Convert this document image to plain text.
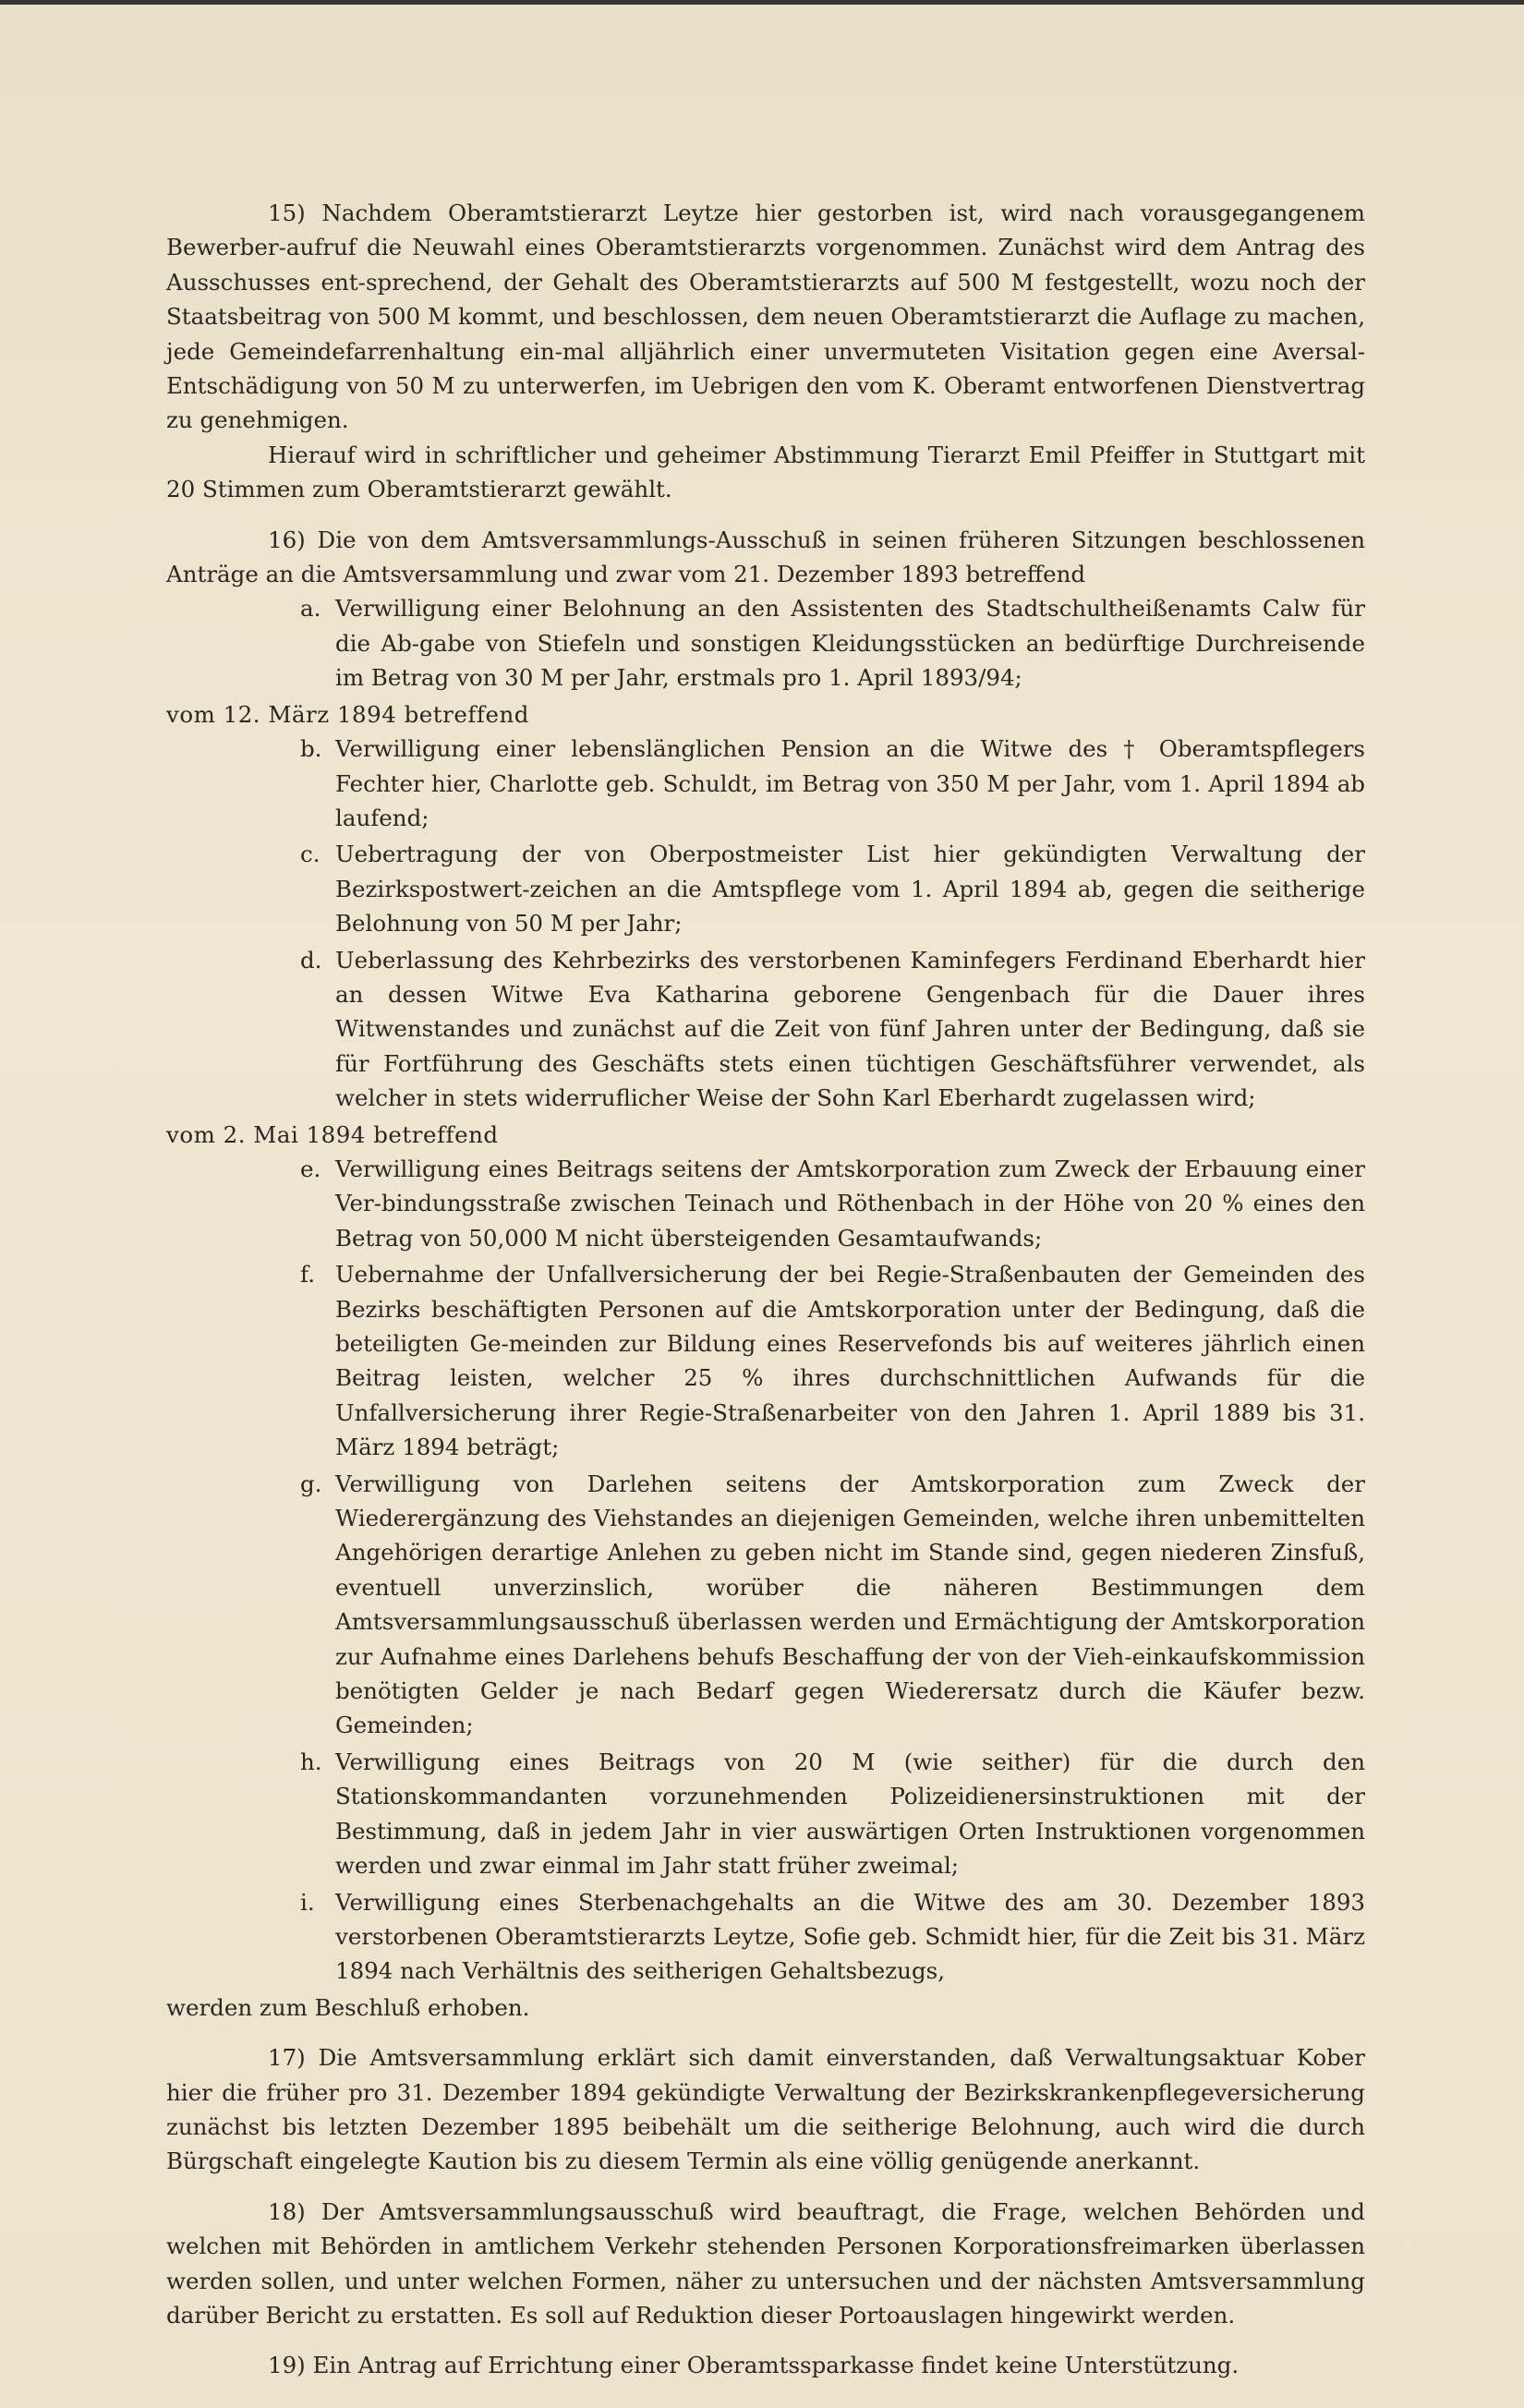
15) Nachdem Oberamtstierarzt Leytze hier gestorben ist, wird nach vorausgegangenem Bewerber-aufruf die Neuwahl eines Oberamtstierarzts vorgenommen. Zunächst wird dem Antrag des Ausschusses ent-sprechend, der Gehalt des Oberamtstierarzts auf 500 M festgestellt, wozu noch der Staatsbeitrag von 500 M kommt, und beschlossen, dem neuen Oberamtstierarzt die Auflage zu machen, jede Gemeindefarrenhaltung ein-mal alljährlich einer unvermuteten Visitation gegen eine Aversal-Entschädigung von 50 M zu unterwerfen, im Uebrigen den vom K. Oberamt entworfenen Dienstvertrag zu genehmigen.

Hierauf wird in schriftlicher und geheimer Abstimmung Tierarzt Emil Pfeiffer in Stuttgart mit 20 Stimmen zum Oberamtstierarzt gewählt.

16) Die von dem Amtsversammlungs-Ausschuß in seinen früheren Sitzungen beschlossenen Anträge an die Amtsversammlung und zwar vom 21. Dezember 1893 betreffend

a. Verwilligung einer Belohnung an den Assistenten des Stadtschultheißenamts Calw für die Ab-gabe von Stiefeln und sonstigen Kleidungsstücken an bedürftige Durchreisende im Betrag von 30 M per Jahr, erstmals pro 1. April 1893/94;

vom 12. März 1894 betreffend

b. Verwilligung einer lebenslänglichen Pension an die Witwe des † Oberamtspflegers Fechter hier, Charlotte geb. Schuldt, im Betrag von 350 M per Jahr, vom 1. April 1894 ab laufend;
c. Uebertragung der von Oberpostmeister List hier gekündigten Verwaltung der Bezirkspostwert-zeichen an die Amtspflege vom 1. April 1894 ab, gegen die seitherige Belohnung von 50 M per Jahr;
d. Ueberlassung des Kehrbezirks des verstorbenen Kaminfegers Ferdinand Eberhardt hier an dessen Witwe Eva Katharina geborene Gengenbach für die Dauer ihres Witwenstandes und zunächst auf die Zeit von fünf Jahren unter der Bedingung, daß sie für Fortführung des Geschäfts stets einen tüchtigen Geschäftsführer verwendet, als welcher in stets widerruflicher Weise der Sohn Karl Eberhardt zugelassen wird;

vom 2. Mai 1894 betreffend

e. Verwilligung eines Beitrags seitens der Amtskorporation zum Zweck der Erbauung einer Ver-bindungsstraße zwischen Teinach und Röthenbach in der Höhe von 20 % eines den Betrag von 50,000 M nicht übersteigenden Gesamtaufwands;
f. Uebernahme der Unfallversicherung der bei Regie-Straßenbauten der Gemeinden des Bezirks beschäftigten Personen auf die Amtskorporation unter der Bedingung, daß die beteiligten Ge-meinden zur Bildung eines Reservefonds bis auf weiteres jährlich einen Beitrag leisten, welcher 25 % ihres durchschnittlichen Aufwands für die Unfallversicherung ihrer Regie-Straßenarbeiter von den Jahren 1. April 1889 bis 31. März 1894 beträgt;
g. Verwilligung von Darlehen seitens der Amtskorporation zum Zweck der Wiederergänzung des Viehstandes an diejenigen Gemeinden, welche ihren unbemittelten Angehörigen derartige Anlehen zu geben nicht im Stande sind, gegen niederen Zinsfuß, eventuell unverzinslich, worüber die näheren Bestimmungen dem Amtsversammlungsausschuß überlassen werden und Ermächtigung der Amtskorporation zur Aufnahme eines Darlehens behufs Beschaffung der von der Vieh-einkaufskommission benötigten Gelder je nach Bedarf gegen Wiederersatz durch die Käufer bezw. Gemeinden;
h. Verwilligung eines Beitrags von 20 M (wie seither) für die durch den Stationskommandanten vorzunehmenden Polizeidienersinstruktionen mit der Bestimmung, daß in jedem Jahr in vier auswärtigen Orten Instruktionen vorgenommen werden und zwar einmal im Jahr statt früher zweimal;
i. Verwilligung eines Sterbenachgehalts an die Witwe des am 30. Dezember 1893 verstorbenen Oberamtstierarzts Leytze, Sofie geb. Schmidt hier, für die Zeit bis 31. März 1894 nach Verhältnis des seitherigen Gehaltsbezugs,

werden zum Beschluß erhoben.

17) Die Amtsversammlung erklärt sich damit einverstanden, daß Verwaltungsaktuar Kober hier die früher pro 31. Dezember 1894 gekündigte Verwaltung der Bezirkskrankenpflegeversicherung zunächst bis letzten Dezember 1895 beibehält um die seitherige Belohnung, auch wird die durch Bürgschaft eingelegte Kaution bis zu diesem Termin als eine völlig genügende anerkannt.

18) Der Amtsversammlungsausschuß wird beauftragt, die Frage, welchen Behörden und welchen mit Behörden in amtlichem Verkehr stehenden Personen Korporationsfreimarken überlassen werden sollen, und unter welchen Formen, näher zu untersuchen und der nächsten Amtsversammlung darüber Bericht zu erstatten. Es soll auf Reduktion dieser Portoauslagen hingewirkt werden.

19) Ein Antrag auf Errichtung einer Oberamtssparkasse findet keine Unterstützung.
